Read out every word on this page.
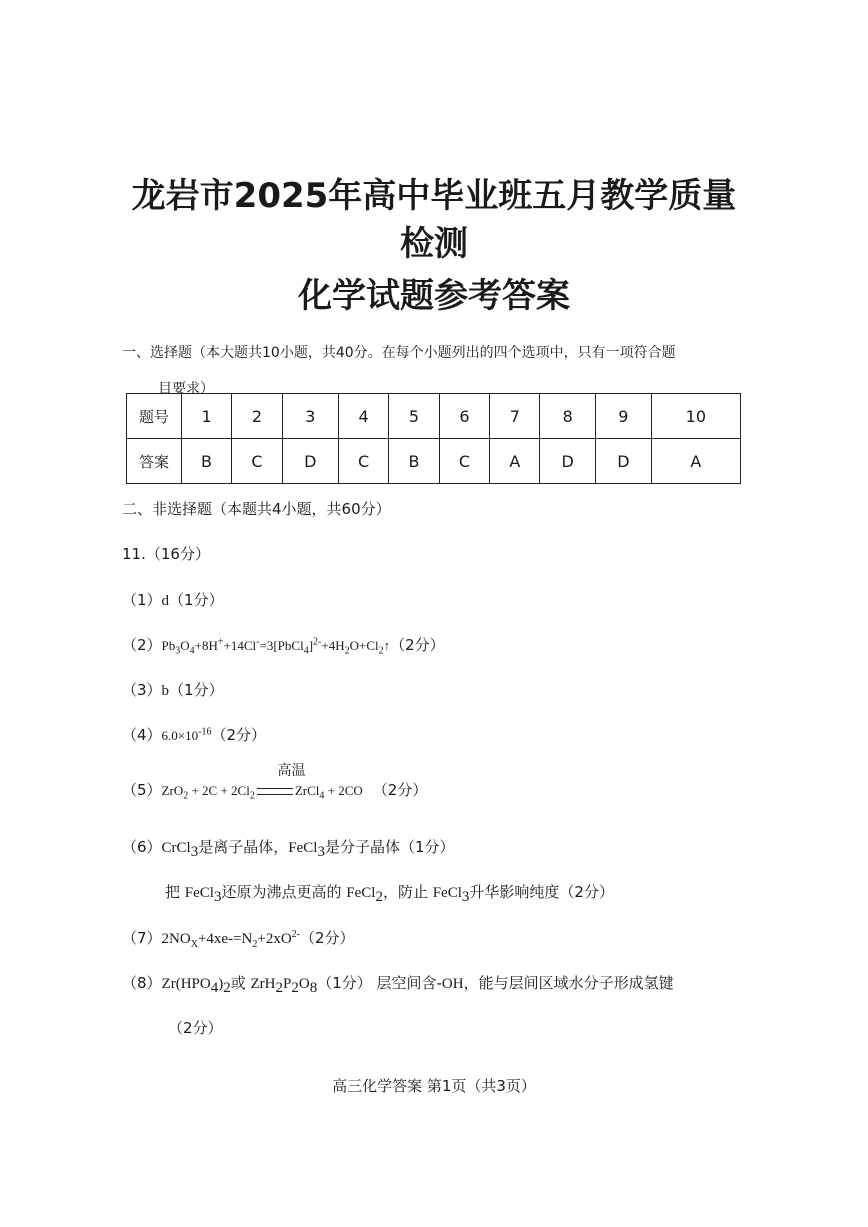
龙岩市2025年高中毕业班五月教学质量检测
化学试题参考答案
一、选择题（本大题共10小题，共40分。在每个小题列出的四个选项中，只有一项符合题
目要求）
题号	1	2	3	4	5	6	7	8	9	10
答案	B	C	D	C	B	C	A	D	D	A
二、非选择题（本题共4小题，共60分）
11.（16分）
（1）d（1分）
$(2)Pb_3O_4+8H^++14Cl^-=3[PbCl_4]^{2-}+4H_2O+Cl_2↑(2$分）
（3）b（1分）
$(4)6.0\times 10^{-16}(2$分）
$(5)ZrO_2 + 2C + 2Cl_2$	ZrCl$_4$ + 2CO
高温
（2分）
（6）CrCl$_3$是离子晶体，FeCl$_3$是分子晶体（1分）
把 FeCl$_3$还原为沸点更高的 FeCl$_2$，防止 FeCl$_3$升华影响纯度（2分）
$(7)2NO_X+4xe-=N_2+2xO^{2-}(2$分）
$(8)Zr(HPO_4)_2$或 $ZrH_2P_2O_8(1$分） 层空间含-OH，能与层间区域水分子形成氢键
（2分）
高三化学答案 第1页（共3页）
